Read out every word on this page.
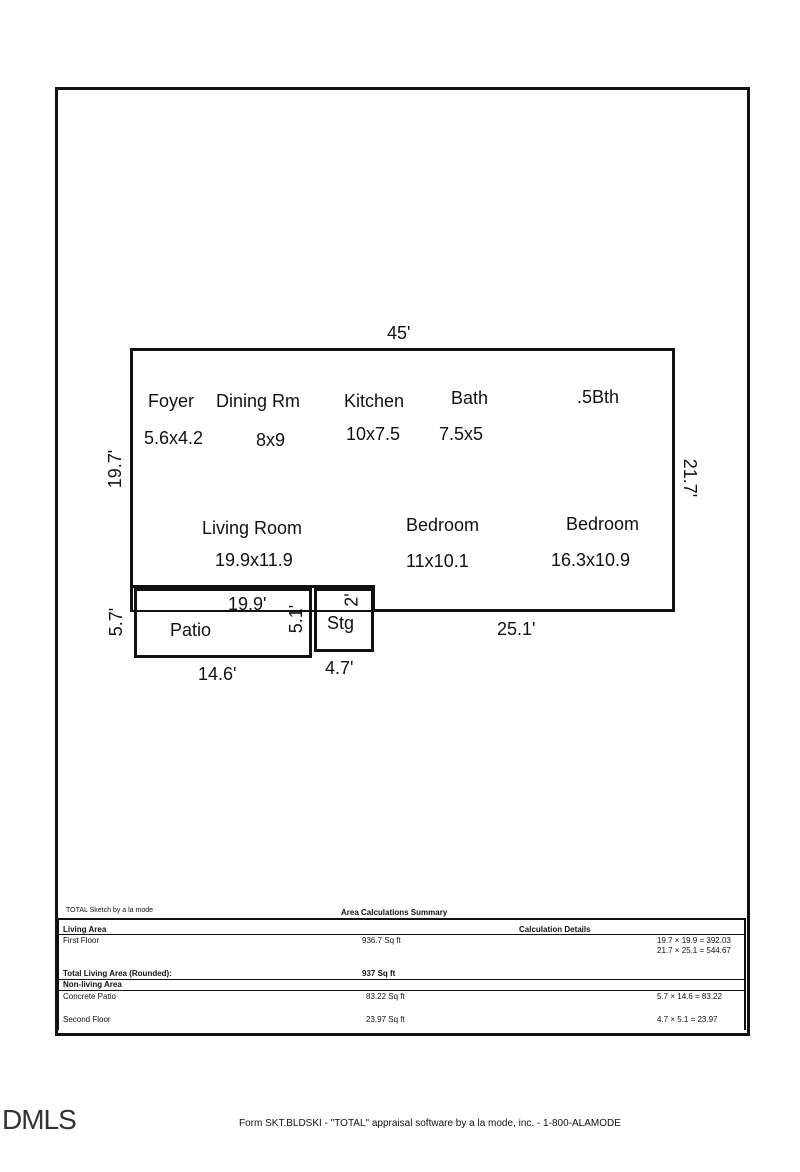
45'
19.7'	21.7'
25.1'
19.9'
5.7'	5.1'
14.6'
2'
4.7'
Foyer
5.6x4.2
Dining Rm
8x9
Kitchen
10x7.5
Bath
7.5x5
.5Bth
Living Room
19.9x11.9
Bedroom
11x10.1
Bedroom
16.3x10.9
Patio	Stg
TOTAL Sketch by a la mode	Area Calculations Summary
Living Area	Calculation Details
First Floor	936.7 Sq ft	19.7 × 19.9 = 392.03
21.7 × 25.1 = 544.67
Total Living Area (Rounded):	937 Sq ft
Non-living Area
Concrete Patio	83.22 Sq ft	5.7 × 14.6 = 83.22
Second Floor	23.97 Sq ft	4.7 × 5.1 = 23.97
Form SKT.BLDSKI - "TOTAL" appraisal software by a la mode, inc. - 1-800-ALAMODE
DMLS
